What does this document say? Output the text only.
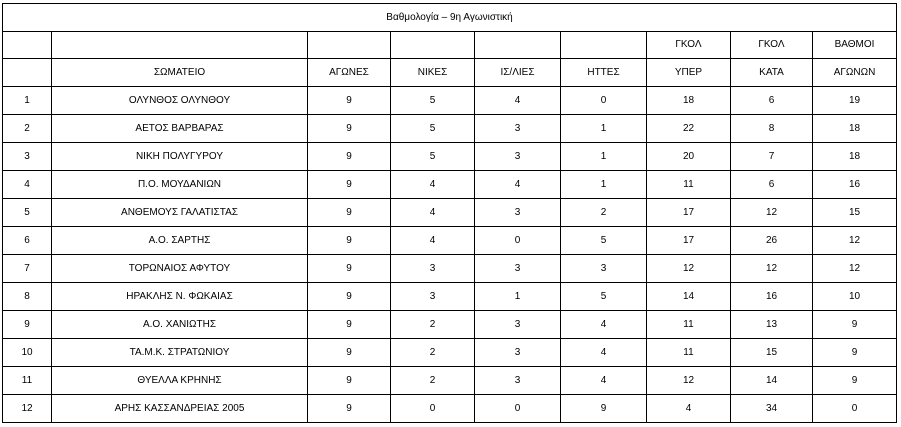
Βαθμολογία – 9η Αγωνιστική								
						ΓΚΟΛ	ΓΚΟΛ	ΒΑΘΜΟΙ
	ΣΩΜΑΤΕΙΟ	ΑΓΩΝΕΣ	ΝΙΚΕΣ	ΙΣ/ΛΙΕΣ	ΗΤΤΕΣ	ΥΠΕΡ	ΚΑΤΑ	ΑΓΩΝΩΝ
1	ΟΛΥΝΘΟΣ ΟΛΥΝΘΟΥ	9	5	4	0	18	6	19
2	ΑΕΤΟΣ ΒΑΡΒΑΡΑΣ	9	5	3	1	22	8	18
3	ΝΙΚΗ ΠΟΛΥΓΥΡΟΥ	9	5	3	1	20	7	18
4	Π.Ο. ΜΟΥΔΑΝΙΩΝ	9	4	4	1	11	6	16
5	ΑΝΘΕΜΟΥΣ ΓΑΛΑΤΙΣΤΑΣ	9	4	3	2	17	12	15
6	Α.Ο. ΣΑΡΤΗΣ	9	4	0	5	17	26	12
7	ΤΟΡΩΝΑΙΟΣ ΑΦΥΤΟΥ	9	3	3	3	12	12	12
8	ΗΡΑΚΛΗΣ Ν. ΦΩΚΑΙΑΣ	9	3	1	5	14	16	10
9	Α.Ο. ΧΑΝΙΩΤΗΣ	9	2	3	4	11	13	9
10	ΤΑ.Μ.Κ. ΣΤΡΑΤΩΝΙΟΥ	9	2	3	4	11	15	9
11	ΘΥΕΛΛΑ ΚΡΗΝΗΣ	9	2	3	4	12	14	9
12	ΑΡΗΣ ΚΑΣΣΑΝΔΡΕΙΑΣ 2005	9	0	0	9	4	34	0
